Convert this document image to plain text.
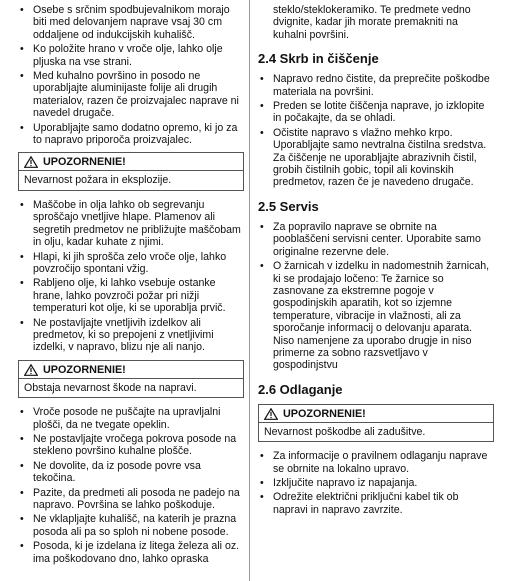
• Osebe s srčnim spodbujevalnikom morajo biti med delovanjem naprave vsaj 30 cm oddaljene od indukcijskih kuhališč.
• Ko položite hrano v vroče olje, lahko olje pljuska na vse strani.
• Med kuhalno površino in posodo ne uporabljajte aluminijaste folije ali drugih materialov, razen če proizvajalec naprave ni navedel drugače.
• Uporabljajte samo dodatno opremo, ki jo za to napravo priporoča proizvajalec.
UPOZORNENIE!
Nevarnost požara in eksplozije.
• Maščobe in olja lahko ob segrevanju sproščajo vnetljive hlape. Plamenov ali segretih predmetov ne približujte maščobam in olju, kadar kuhate z njimi.
• Hlapi, ki jih sprošča zelo vroče olje, lahko povzročijo spontani vžig.
• Rabljeno olje, ki lahko vsebuje ostanke hrane, lahko povzroči požar pri nižji temperaturi kot olje, ki se uporablja prvič.
• Ne postavljajte vnetljivih izdelkov ali predmetov, ki so prepojeni z vnetljivimi izdelki, v napravo, blizu nje ali nanjo.
UPOZORNENIE!
Obstaja nevarnost škode na napravi.
• Vroče posode ne puščajte na upravljalni plošči, da ne tvegate opeklin.
• Ne postavljajte vročega pokrova posode na stekleno površino kuhalne plošče.
• Ne dovolite, da iz posode povre vsa tekočina.
• Pazite, da predmeti ali posoda ne padejo na napravo. Površina se lahko poškoduje.
• Ne vklapljajte kuhališč, na katerih je prazna posoda ali pa so sploh ni nobene posode.
• Posoda, ki je izdelana iz litega železa ali oz. ima poškodovano dno, lahko opraska

steklo/steklokeramiko. Te predmete vedno dvignite, kadar jih morate premakniti na kuhalni površini.

2.4 Skrb in čiščenje
• Napravo redno čistite, da preprečite poškodbe materiala na površini.
• Preden se lotite čiščenja naprave, jo izklopite in počakajte, da se ohladi.
• Očistite napravo s vlažno mehko krpo. Uporabljajte samo nevtralna čistilna sredstva. Za čiščenje ne uporabljajte abrazivnih čistil, grobih čistilnih gobic, topil ali kovinskih predmetov, razen če je navedeno drugače.
2.5 Servis
• Za popravilo naprave se obrnite na pooblaščeni servisni center. Uporabite samo originalne rezervne dele.
• O žarnicah v izdelku in nadomestnih žarnicah, ki se prodajajo ločeno: Te žarnice so zasnovane za ekstremne pogoje v gospodinjskih aparatih, kot so izjemne temperature, vibracije in vlažnosti, ali za sporočanje informacij o delovanju aparata. Niso namenjene za uporabo drugje in niso primerne za sobno razsvetljavo v gospodinjstvu
2.6 Odlaganje
UPOZORNENIE!
Nevarnost poškodbe ali zadušitve.
• Za informacije o pravilnem odlaganju naprave se obrnite na lokalno upravo.
• Izključite napravo iz napajanja.
• Odrežite električni priključni kabel tik ob napravi in napravo zavrzite.
